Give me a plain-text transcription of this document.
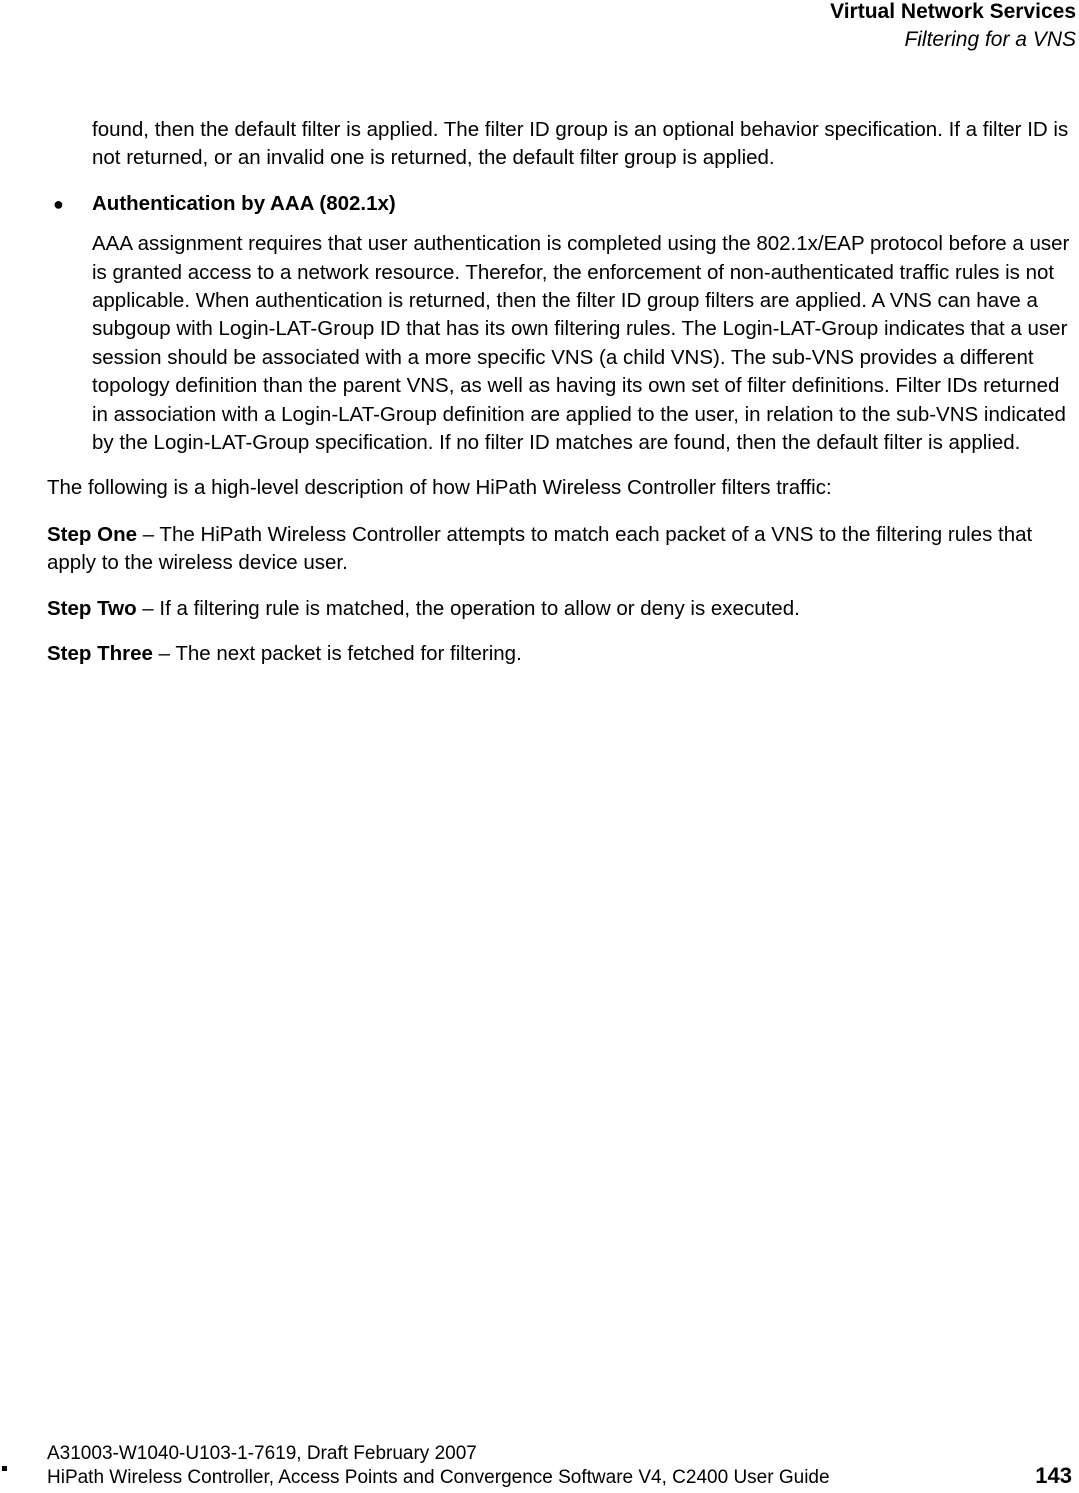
Virtual Network Services
Filtering for a VNS

found, then the default filter is applied. The filter ID group is an optional behavior specification. If a filter ID is not returned, or an invalid one is returned, the default filter group is applied.

● Authentication by AAA (802.1x)

AAA assignment requires that user authentication is completed using the 802.1x/EAP protocol before a user is granted access to a network resource. Therefor, the enforcement of non-authenticated traffic rules is not applicable. When authentication is returned, then the filter ID group filters are applied. A VNS can have a subgoup with Login-LAT-Group ID that has its own filtering rules. The Login-LAT-Group indicates that a user session should be associated with a more specific VNS (a child VNS). The sub-VNS provides a different topology definition than the parent VNS, as well as having its own set of filter definitions. Filter IDs returned in association with a Login-LAT-Group definition are applied to the user, in relation to the sub-VNS indicated by the Login-LAT-Group specification. If no filter ID matches are found, then the default filter is applied.

The following is a high-level description of how HiPath Wireless Controller filters traffic:

Step One – The HiPath Wireless Controller attempts to match each packet of a VNS to the filtering rules that apply to the wireless device user.

Step Two – If a filtering rule is matched, the operation to allow or deny is executed.

Step Three – The next packet is fetched for filtering.

A31003-W1040-U103-1-7619, Draft February 2007
HiPath Wireless Controller, Access Points and Convergence Software V4, C2400 User Guide	143
